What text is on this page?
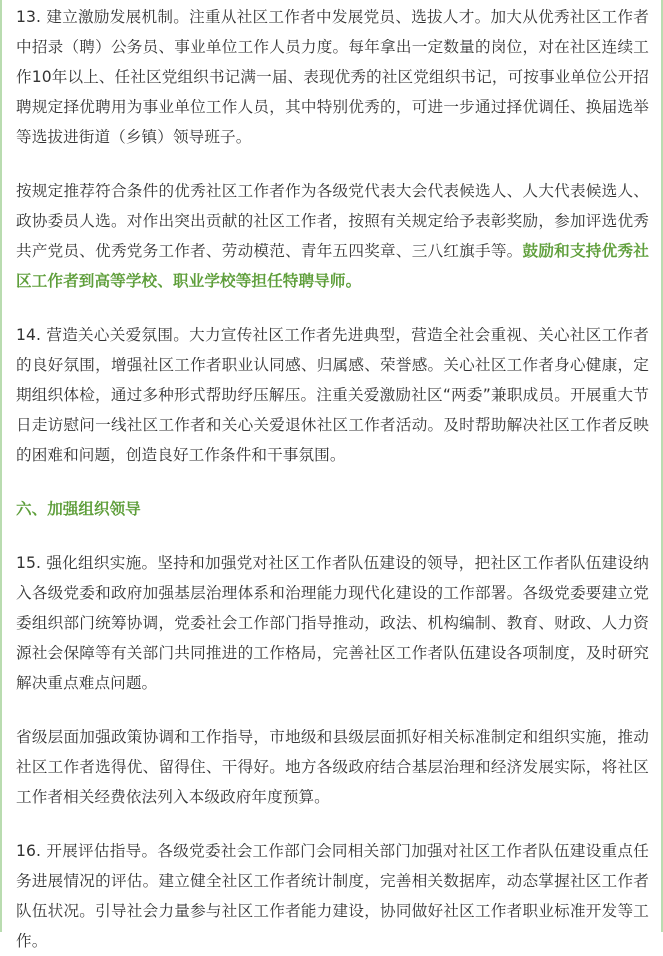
13. 建立激励发展机制。注重从社区工作者中发展党员、选拔人才。加大从优秀社区工作者中招录（聘）公务员、事业单位工作人员力度。每年拿出一定数量的岗位，对在社区连续工作10年以上、任社区党组织书记满一届、表现优秀的社区党组织书记，可按事业单位公开招聘规定择优聘用为事业单位工作人员，其中特别优秀的，可进一步通过择优调任、换届选举等选拔进街道（乡镇）领导班子。

按规定推荐符合条件的优秀社区工作者作为各级党代表大会代表候选人、人大代表候选人、政协委员人选。对作出突出贡献的社区工作者，按照有关规定给予表彰奖励，参加评选优秀共产党员、优秀党务工作者、劳动模范、青年五四奖章、三八红旗手等。鼓励和支持优秀社区工作者到高等学校、职业学校等担任特聘导师。

14. 营造关心关爱氛围。大力宣传社区工作者先进典型，营造全社会重视、关心社区工作者的良好氛围，增强社区工作者职业认同感、归属感、荣誉感。关心社区工作者身心健康，定期组织体检，通过多种形式帮助纾压解压。注重关爱激励社区“两委”兼职成员。开展重大节日走访慰问一线社区工作者和关心关爱退休社区工作者活动。及时帮助解决社区工作者反映的困难和问题，创造良好工作条件和干事氛围。

六、加强组织领导

15. 强化组织实施。坚持和加强党对社区工作者队伍建设的领导，把社区工作者队伍建设纳入各级党委和政府加强基层治理体系和治理能力现代化建设的工作部署。各级党委要建立党委组织部门统筹协调，党委社会工作部门指导推动，政法、机构编制、教育、财政、人力资源社会保障等有关部门共同推进的工作格局，完善社区工作者队伍建设各项制度，及时研究解决重点难点问题。

省级层面加强政策协调和工作指导，市地级和县级层面抓好相关标准制定和组织实施，推动社区工作者选得优、留得住、干得好。地方各级政府结合基层治理和经济发展实际，将社区工作者相关经费依法列入本级政府年度预算。

16. 开展评估指导。各级党委社会工作部门会同相关部门加强对社区工作者队伍建设重点任务进展情况的评估。建立健全社区工作者统计制度，完善相关数据库，动态掌握社区工作者队伍状况。引导社会力量参与社区工作者能力建设，协同做好社区工作者职业标准开发等工作。
